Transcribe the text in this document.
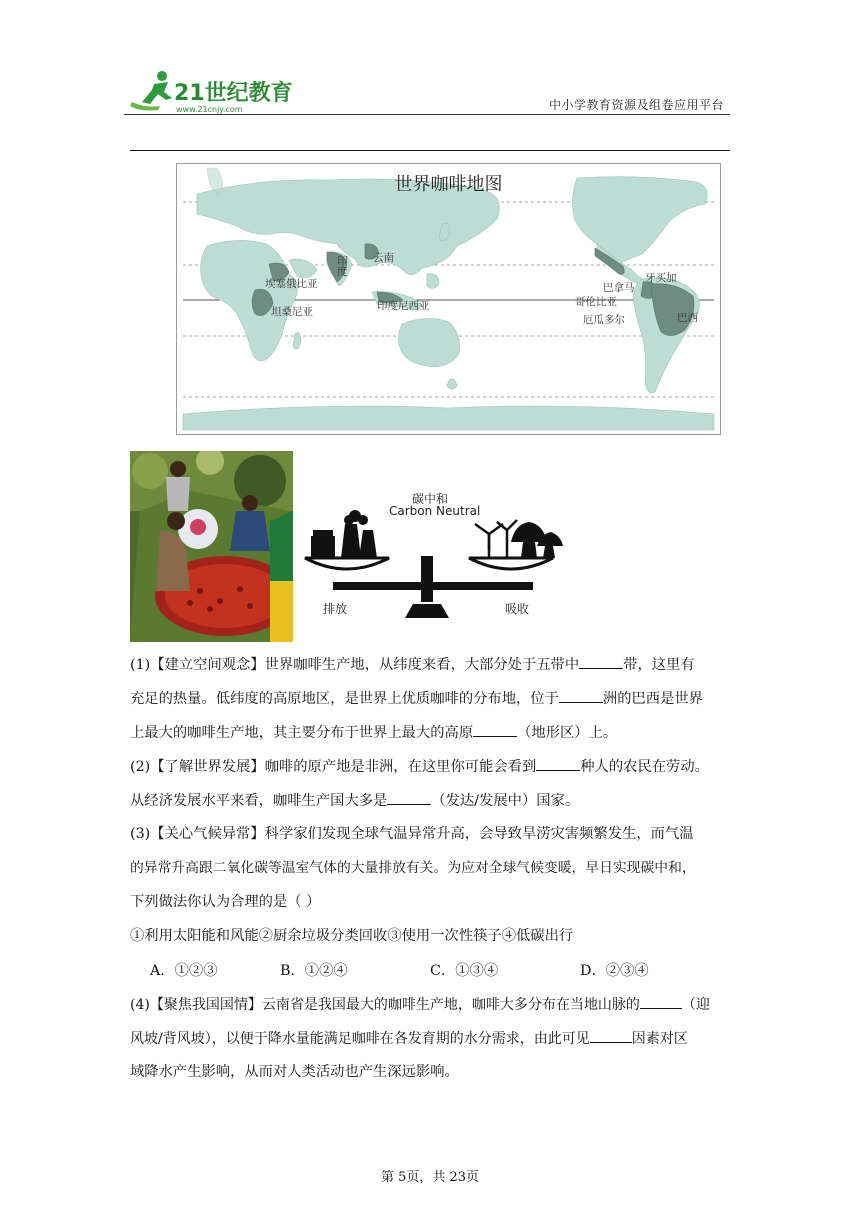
21世纪教育
www.21cnjy.com	中小学教育资源及组卷应用平台
世界咖啡地图
埃塞俄比亚
坦桑尼亚
印度
云南
印度尼西亚
牙买加
巴拿马
哥伦比亚
厄瓜多尔	巴西
碳中和
Carbon Neutral
排放	吸收
(1)【建立空间观念】世界咖啡生产地，从纬度来看，大部分处于五带中	带，这里有
充足的热量。低纬度的高原地区，是世界上优质咖啡的分布地，位于	洲的巴西是世界
上最大的咖啡生产地，其主要分布于世界上最大的高原	（地形区）上。
(2)【了解世界发展】咖啡的原产地是非洲，在这里你可能会看到	种人的农民在劳动。
从经济发展水平来看，咖啡生产国大多是	（发达/发展中）国家。
(3)【关心气候异常】科学家们发现全球气温异常升高，会导致旱涝灾害频繁发生，而气温
的异常升高跟二氧化碳等温室气体的大量排放有关。为应对全球气候变暖，早日实现碳中和，
下列做法你认为合理的是（ ）
①利用太阳能和风能②厨余垃圾分类回收③使用一次性筷子④低碳出行
A．①②③	B．①②④	C．①③④	D．②③④
(4)【聚焦我国国情】云南省是我国最大的咖啡生产地，咖啡大多分布在当地山脉的	（迎
风坡/背风坡），以便于降水量能满足咖啡在各发育期的水分需求，由此可见	因素对区
域降水产生影响，从而对人类活动也产生深远影响。
第 5页，共 23页
